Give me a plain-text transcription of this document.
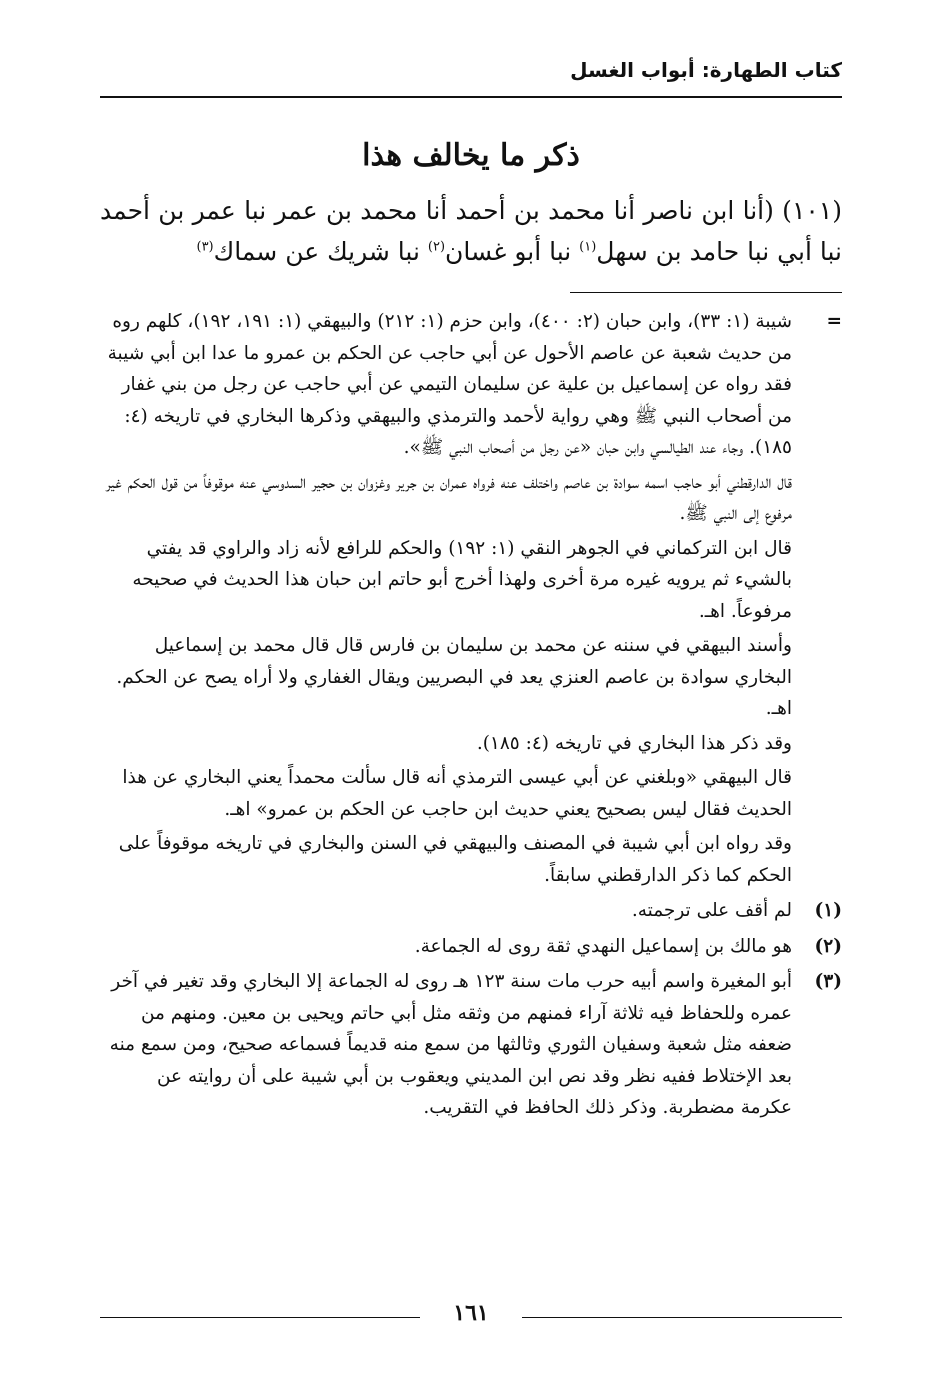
كتاب الطهارة: أبواب الغسل
ذكر ما يخالف هذا
(١٠١) (أنا ابن ناصر أنا محمد بن أحمد أنا محمد بن عمر نبا عمر بن أحمد نبا أبي نبا حامد بن سهل$^{(١)}$ نبا أبو غسان$^{(٢)}$ نبا شريك عن سماك$^{(٣)}$
=
شيبة (١: ٣٣)، وابن حبان (٢: ٤٠٠)، وابن حزم (١: ٢١٢) والبيهقي (١: ١٩١، ١٩٢)، كلهم روه من حديث شعبة عن عاصم الأحول عن أبي حاجب عن الحكم بن عمرو ما عدا ابن أبي شيبة فقد رواه عن إسماعيل بن علية عن سليمان التيمي عن أبي حاجب عن رجل من بني غفار من أصحاب النبي ﷺ وهي رواية لأحمد والترمذي والبيهقي وذكرها البخاري في تاريخه (٤: ١٨٥). وجاء عند الطيالسي وابن حبان «عن رجل من أصحاب النبي ﷺ».
قال الدارقطني أبو حاجب اسمه سوادة بن عاصم واختلف عنه فرواه عمران بن جرير وغزوان بن حجير السدوسي عنه موقوفاً من قول الحكم غير مرفوع إلى النبي ﷺ.
قال ابن التركماني في الجوهر النقي (١: ١٩٢) والحكم للرافع لأنه زاد والراوي قد يفتي بالشيء ثم يرويه غيره مرة أخرى ولهذا أخرج أبو حاتم ابن حبان هذا الحديث في صحيحه مرفوعاً. اهـ.
وأسند البيهقي في سننه عن محمد بن سليمان بن فارس قال قال محمد بن إسماعيل البخاري سوادة بن عاصم العنزي يعد في البصريين ويقال الغفاري ولا أراه يصح عن الحكم. اهـ.
وقد ذكر هذا البخاري في تاريخه (٤: ١٨٥).
قال البيهقي «وبلغني عن أبي عيسى الترمذي أنه قال سألت محمداً يعني البخاري عن هذا الحديث فقال ليس بصحيح يعني حديث ابن حاجب عن الحكم بن عمرو» اهـ.
وقد رواه ابن أبي شيبة في المصنف والبيهقي في السنن والبخاري في تاريخه موقوفاً على الحكم كما ذكر الدارقطني سابقاً.
(١)
لم أقف على ترجمته.
(٢)
هو مالك بن إسماعيل النهدي ثقة روى له الجماعة.
(٣)
أبو المغيرة واسم أبيه حرب مات سنة ١٢٣ هـ روى له الجماعة إلا البخاري وقد تغير في آخر عمره وللحفاظ فيه ثلاثة آراء فمنهم من وثقه مثل أبي حاتم ويحيى بن معين. ومنهم من ضعفه مثل شعبة وسفيان الثوري وثالثها من سمع منه قديماً فسماعه صحيح، ومن سمع منه بعد الإختلاط ففيه نظر وقد نص ابن المديني ويعقوب بن أبي شيبة على أن روايته عن عكرمة مضطربة. وذكر ذلك الحافظ في التقريب.
١٦١
